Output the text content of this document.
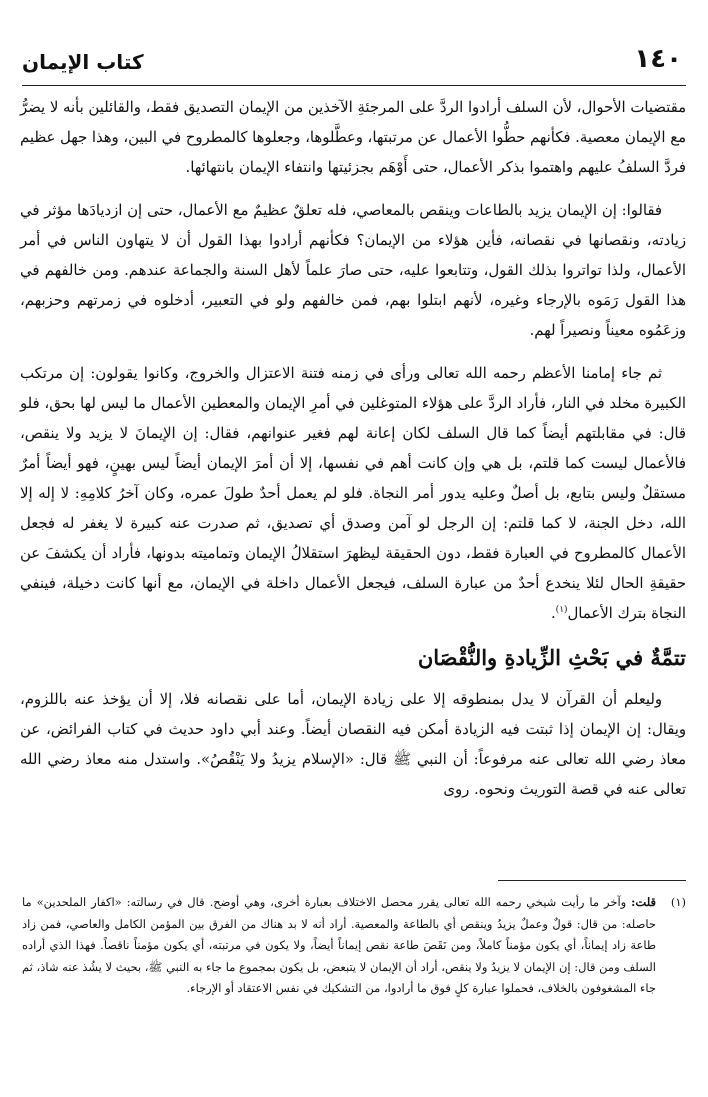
كتاب الإيمان	١٤٠

مقتضيات الأحوال، لأن السلف أرادوا الردَّ على المرجئةِ الآخذين من الإيمان التصديق فقط، والقائلين بأنه لا يضرُّ مع الإيمان معصية. فكأنهم حطُّوا الأعمال عن مرتبتها، وعطَّلوها، وجعلوها كالمطروح في البين، وهذا جهل عظيم فردَّ السلفُ عليهم واهتموا بذكر الأعمال، حتى أَوْهَم بجزئيتها وانتفاء الإيمان بانتهائها.

فقالوا: إن الإيمان يزيد بالطاعات وينقص بالمعاصي، فله تعلقٌ عظيمٌ مع الأعمال، حتى إن ازديادَها مؤثر في زيادته، ونقصانها في نقصانه، فأين هؤلاء من الإيمان؟ فكأنهم أرادوا بهذا القول أن لا يتهاون الناس في أمر الأعمال، ولذا تواتروا بذلك القول، وتتابعوا عليه، حتى صارَ علماً لأهل السنة والجماعة عندهم. ومن خالفهم في هذا القول رَمَوه بالإرجاء وغيره، لأنهم ابتلوا بهم، فمن خالفهم ولو في التعبير، أدخلوه في زمرتهم وحزبهم، وزعَمُوه معيناً ونصيراً لهم.

ثم جاء إمامنا الأعظم رحمه الله تعالى ورأى في زمنه فتنة الاعتزال والخروج، وكانوا يقولون: إن مرتكب الكبيرة مخلد في النار، فأراد الردَّ على هؤلاء المتوغلين في أمرِ الإيمان والمعطين الأعمال ما ليس لها بحق، فلو قال: في مقابلتهم أيضاً كما قال السلف لكان إعانة لهم فغير عنوانهم، فقال: إن الإيمانَ لا يزيد ولا ينقص، فالأعمال ليست كما قلتم، بل هي وإن كانت أهم في نفسها، إلا أن أمرَ الإيمان أيضاً ليس بهينٍ، فهو أيضاً أمرٌ مستقلٌ وليس بتابع، بل أصلٌ وعليه يدور أمر النجاة. فلو لم يعمل أحدٌ طولَ عمره، وكان آخرُ كلامِهِ: لا إله إلا الله، دخل الجنة، لا كما قلتم: إن الرجل لو آمن وصدق أي تصديق، ثم صدرت عنه كبيرة لا يغفر له فجعل الأعمال كالمطروح في العبارة فقط، دون الحقيقة ليظهرَ استقلالُ الإيمان وتماميته بدونها، فأراد أن يكشفَ عن حقيقةِ الحال لئلا ينخدع أحدٌ من عبارة السلف، فيجعل الأعمال داخلة في الإيمان، مع أنها كانت دخيلة، فينفي النجاة بترك الأعمال$^{(١)}$.

تتمَّةٌ في بَحْثِ الزِّيادةِ والنُّقْصَان

وليعلم أن القرآن لا يدل بمنطوقه إلا على زيادة الإيمان، أما على نقصانه فلا، إلا أن يؤخذ عنه باللزوم، ويقال: إن الإيمان إذا ثبتت فيه الزيادة أمكن فيه النقصان أيضاً. وعند أبي داود حديث في كتاب الفرائض، عن معاذ رضي الله تعالى عنه مرفوعاً: أن النبي ﷺ قال: «الإسلام يزيدُ ولا يَنْقُصُ». واستدل منه معاذ رضي الله تعالى عنه في قصة التوريث ونحوه. روى

(١)
قلت: وآخر ما رأيت شيخي رحمه الله تعالى يقرر محصل الاختلاف بعبارة أخرى، وهي أوضح. قال في رسالته: «اكفار الملحدين» ما حاصله: من قال: قولٌ وعملٌ يزيدُ وينقص أي بالطاعة والمعصية. أراد أنه لا بد هناك من الفرق بين المؤمن الكامل والعاصي، فمن زاد طاعة زاد إيماناً، أي يكون مؤمناً كاملاً، ومن نَقَصَ طاعة نقص إيماناً أيضاً، ولا يكون في مرتبته، أي يكون مؤمناً ناقصاً. فهذا الذي أراده السلف ومن قال: إن الإيمان لا يزيدُ ولا ينقص، أراد أن الإيمان لا يتبعض، بل يكون بمجموع ما جاء به النبي ﷺ، بحيث لا يشُذ عنه شاذ، ثم جاء المشغوفون بالخلاف، فحملوا عبارة كلٍ فوق ما أرادوا، من التشكيك في نفس الاعتقاد أو الإرجاء.
